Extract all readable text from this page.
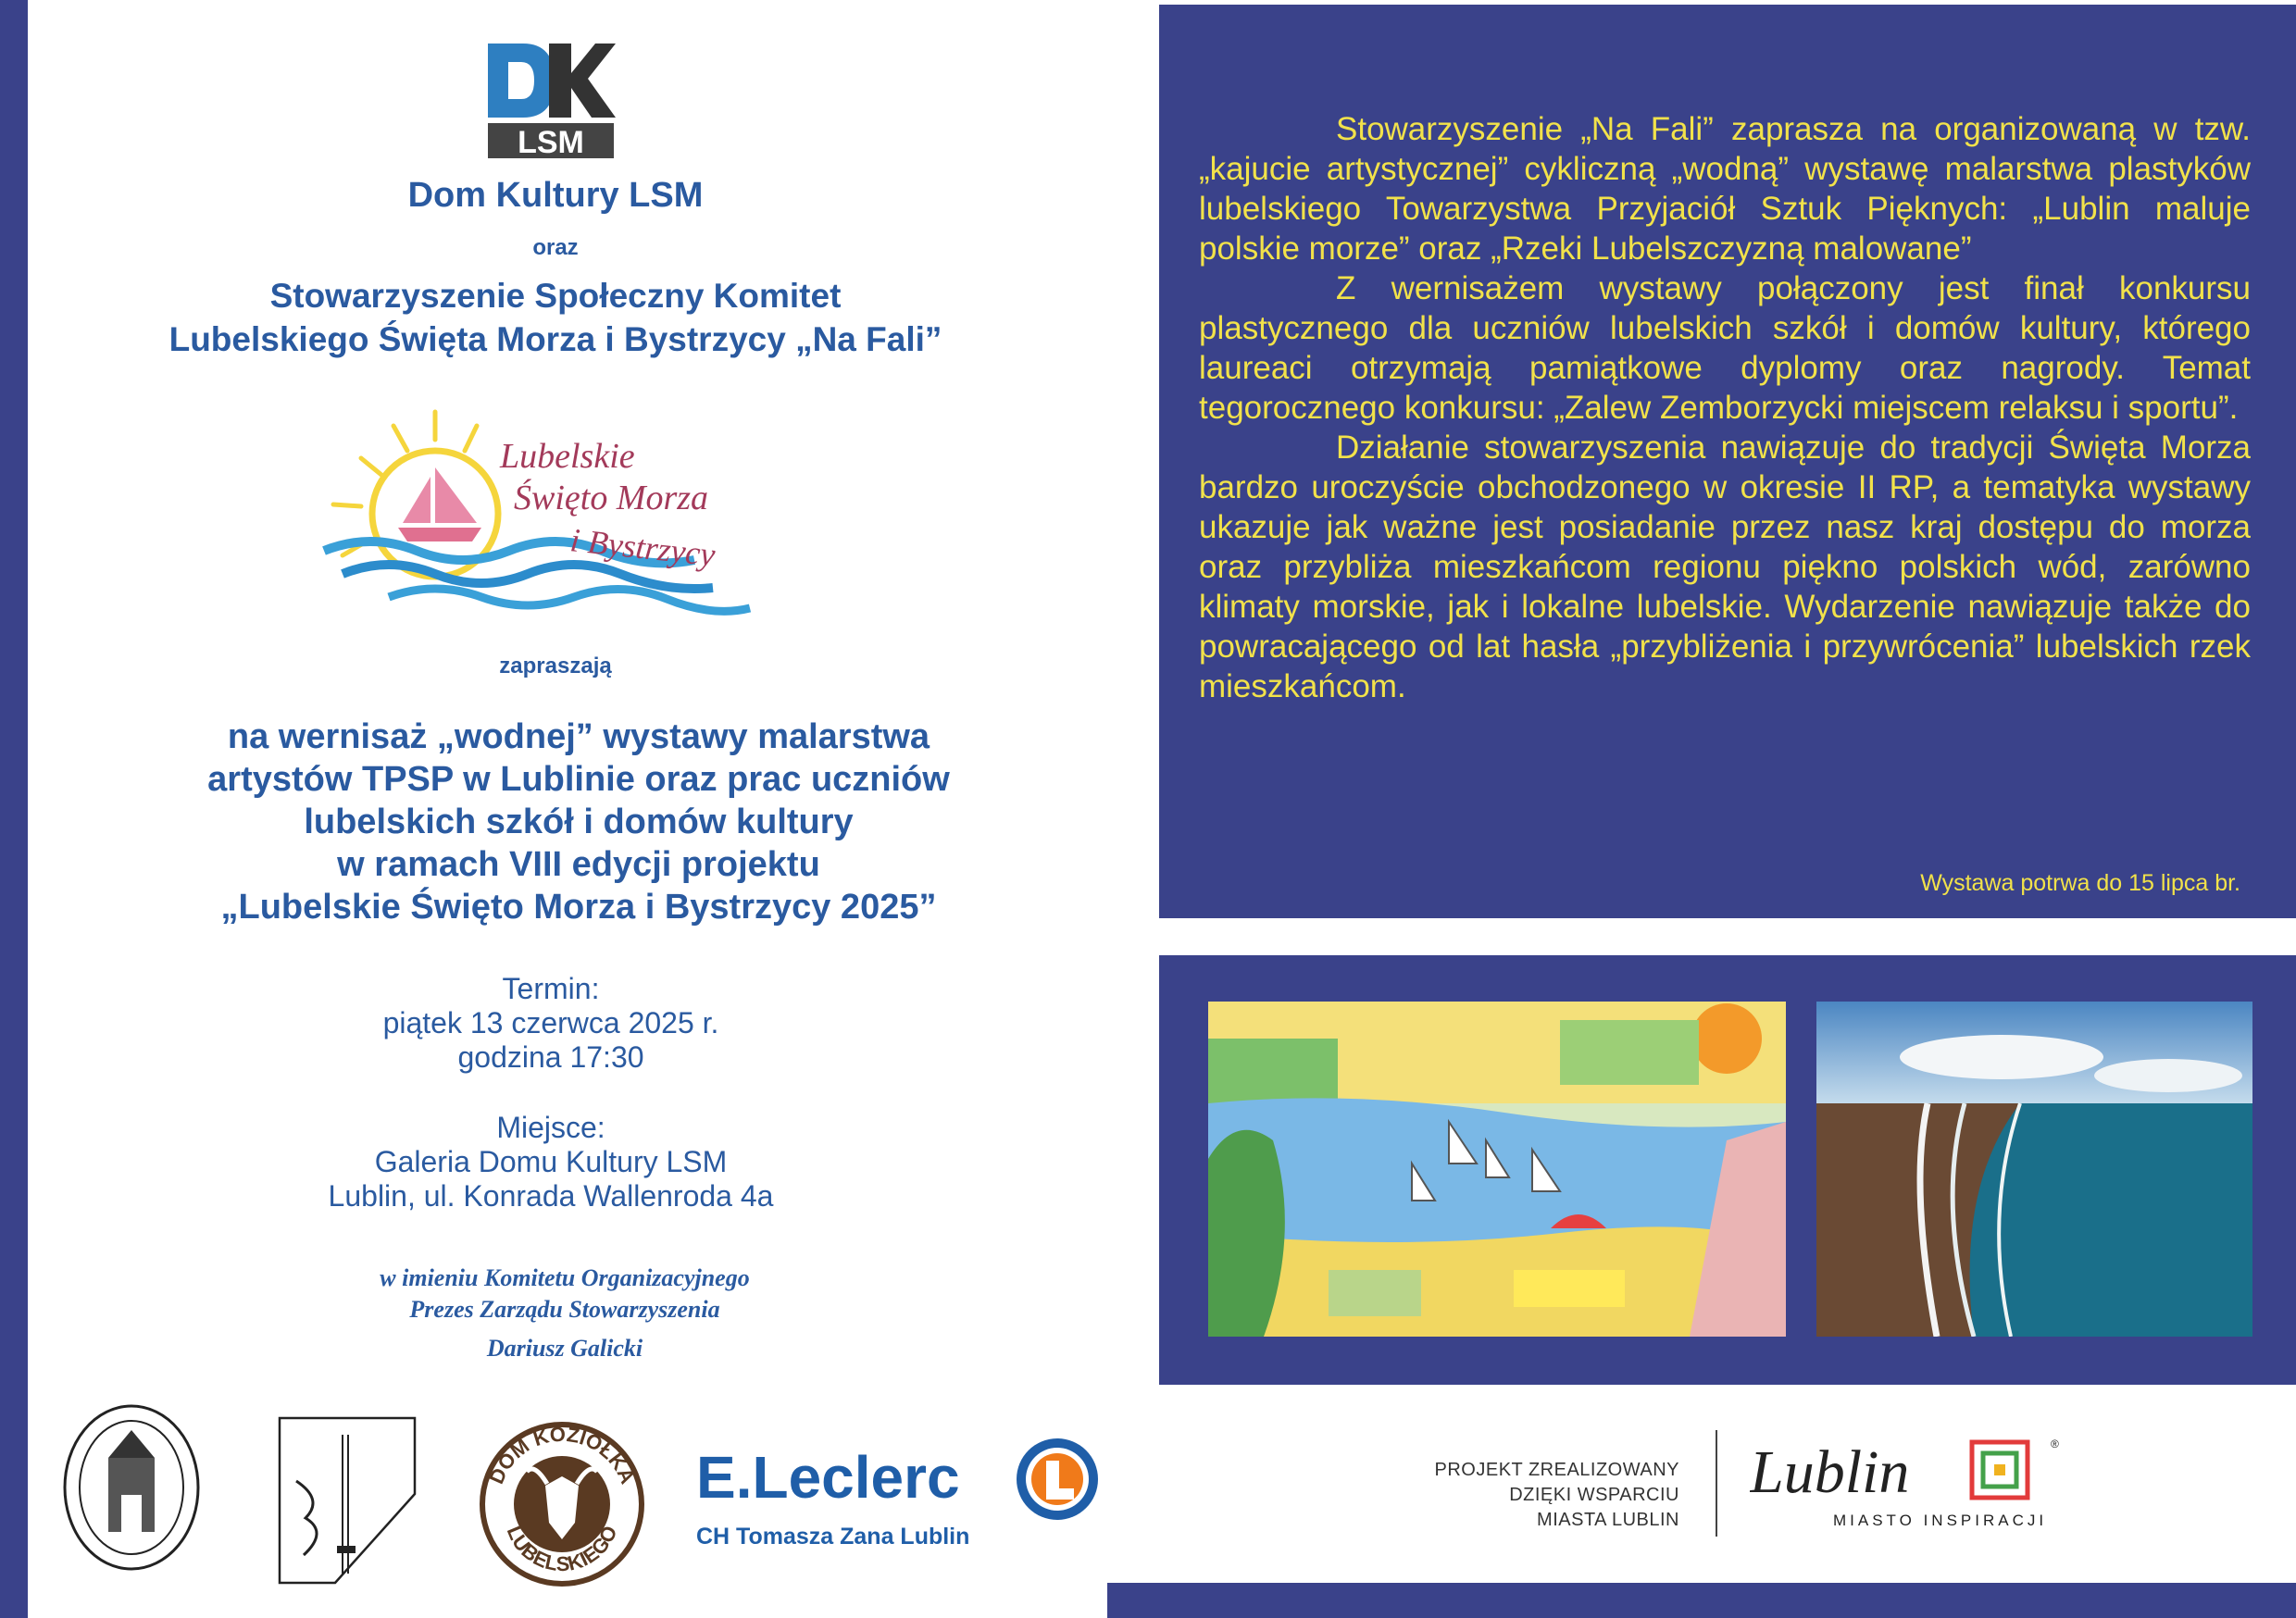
LSM
Dom Kultury LSM
oraz
Stowarzyszenie Społeczny Komitet
Lubelskiego Święta Morza i Bystrzycy „Na Fali”
Lubelskie
Święto Morza
i Bystrzycy
zapraszają
na wernisaż „wodnej” wystawy malarstwa
artystów TPSP w Lublinie oraz prac uczniów
lubelskich szkół i domów kultury
w ramach VIII edycji projektu
„Lubelskie Święto Morza i Bystrzycy 2025”
Termin:
piątek 13 czerwca 2025 r.
godzina 17:30
Miejsce:
Galeria Domu Kultury LSM
Lublin, ul. Konrada Wallenroda 4a
w imieniu Komitetu Organizacyjnego
Prezes Zarządu Stowarzyszenia
Dariusz Galicki

Stowarzyszenie „Na Fali” zaprasza na organizowaną w tzw. „kajucie artystycznej” cykliczną „wodną” wystawę malarstwa plastyków lubelskiego Towarzystwa Przyjaciół Sztuk Pięknych: „Lublin maluje polskie morze” oraz „Rzeki Lubelszczyzną malowane”

Z wernisażem wystawy połączony jest finał konkursu plastycznego dla uczniów lubelskich szkół i domów kultury, którego laureaci otrzymają pamiątkowe dyplomy oraz nagrody. Temat tegorocznego konkursu: „Zalew Zemborzycki miejscem relaksu i sportu”.

Działanie stowarzyszenia nawiązuje do tradycji Święta Morza bardzo uroczyście obchodzonego w okresie II RP, a tematyka wystawy ukazuje jak ważne jest posiadanie przez nasz kraj dostępu do morza oraz przybliża mieszkańcom regionu piękno polskich wód, zarówno klimaty morskie, jak i lokalne lubelskie. Wydarzenie nawiązuje także do powracającego od lat hasła „przybliżenia i przywrócenia” lubelskich rzek mieszkańcom.

Wystawa potrwa do 15 lipca br.
DOM KOZIOŁKA
LUBELSKIEGO
E.Leclerc
CH Tomasza Zana Lublin
PROJEKT ZREALIZOWANY
DZIĘKI WSPARCIU
MIASTA LUBLIN
Lublin	®
MIASTO INSPIRACJI
